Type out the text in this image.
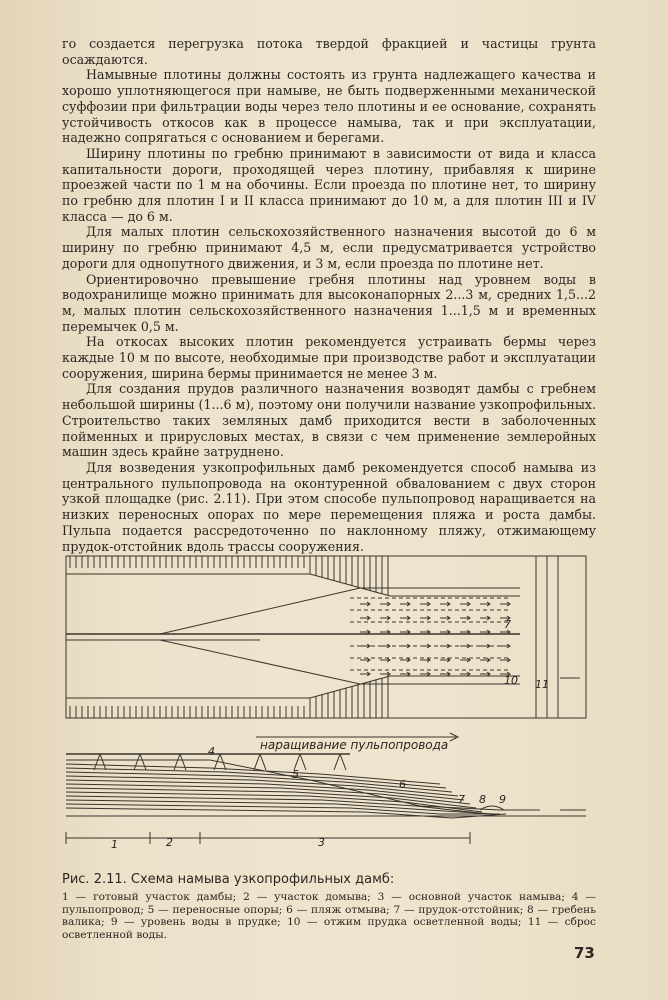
го создается перегрузка потока твердой фракцией и частицы грунта осаждаются.

Намывные плотины должны состоять из грунта надлежащего качества и хорошо уплотняющегося при намыве, не быть подверженными механической суффозии при фильтрации воды через тело плотины и ее основание, сохранять устойчивость откосов как в процессе намыва, так и при эксплуатации, надежно сопрягаться с основанием и берегами.

Ширину плотины по гребню принимают в зависимости от вида и класса капитальности дороги, проходящей через плотину, прибавляя к ширине проезжей части по 1 м на обочины. Если проезда по плотине нет, то ширину по гребню для плотин I и II класса принимают до 10 м, а для плотин III и IV класса — до 6 м.

Для малых плотин сельскохозяйственного назначения высотой до 6 м ширину по гребню принимают 4,5 м, если предусматривается устройство дороги для однопутного движения, и 3 м, если проезда по плотине нет.

Ориентировочно превышение гребня плотины над уровнем воды в водохранилище можно принимать для высоконапорных 2...3 м, средних 1,5...2 м, малых плотин сельскохозяйственного назначения 1...1,5 м и временных перемычек 0,5 м.

На откосах высоких плотин рекомендуется устраивать бермы через каждые 10 м по высоте, необходимые при производстве работ и эксплуатации сооружения, ширина бермы принимается не менее 3 м.

Для создания прудов различного назначения возводят дамбы с гребнем небольшой ширины (1...6 м), поэтому они получили название узкопрофильных. Строительство таких земляных дамб приходится вести в заболоченных пойменных и прирусловых местах, в связи с чем применение землеройных машин здесь крайне затруднено.

Для возведения узкопрофильных дамб рекомендуется способ намыва из центрального пульпопровода на оконтуренной обвалованием с двух сторон узкой площадке (рис. 2.11). При этом способе пульпопровод наращивается на низких переносных опорах по мере перемещения пляжа и роста дамбы. Пульпа подается рассредоточенно по наклонному пляжу, отжимающему прудок-отстойник вдоль трассы сооружения.

7
10 11
4
5
6
7 8 9
1	2	3
наращивание пульпопровода

Рис. 2.11. Схема намыва узкопрофильных дамб:

1 — готовый участок дамбы; 2 — участок домыва; 3 — основной участок намыва; 4 — пульпопровод; 5 — переносные опоры; 6 — пляж отмыва; 7 — прудок-отстойник; 8 — гребень валика; 9 — уровень воды в прудке; 10 — отжим прудка осветленной воды; 11 — сброс осветленной воды.

73
